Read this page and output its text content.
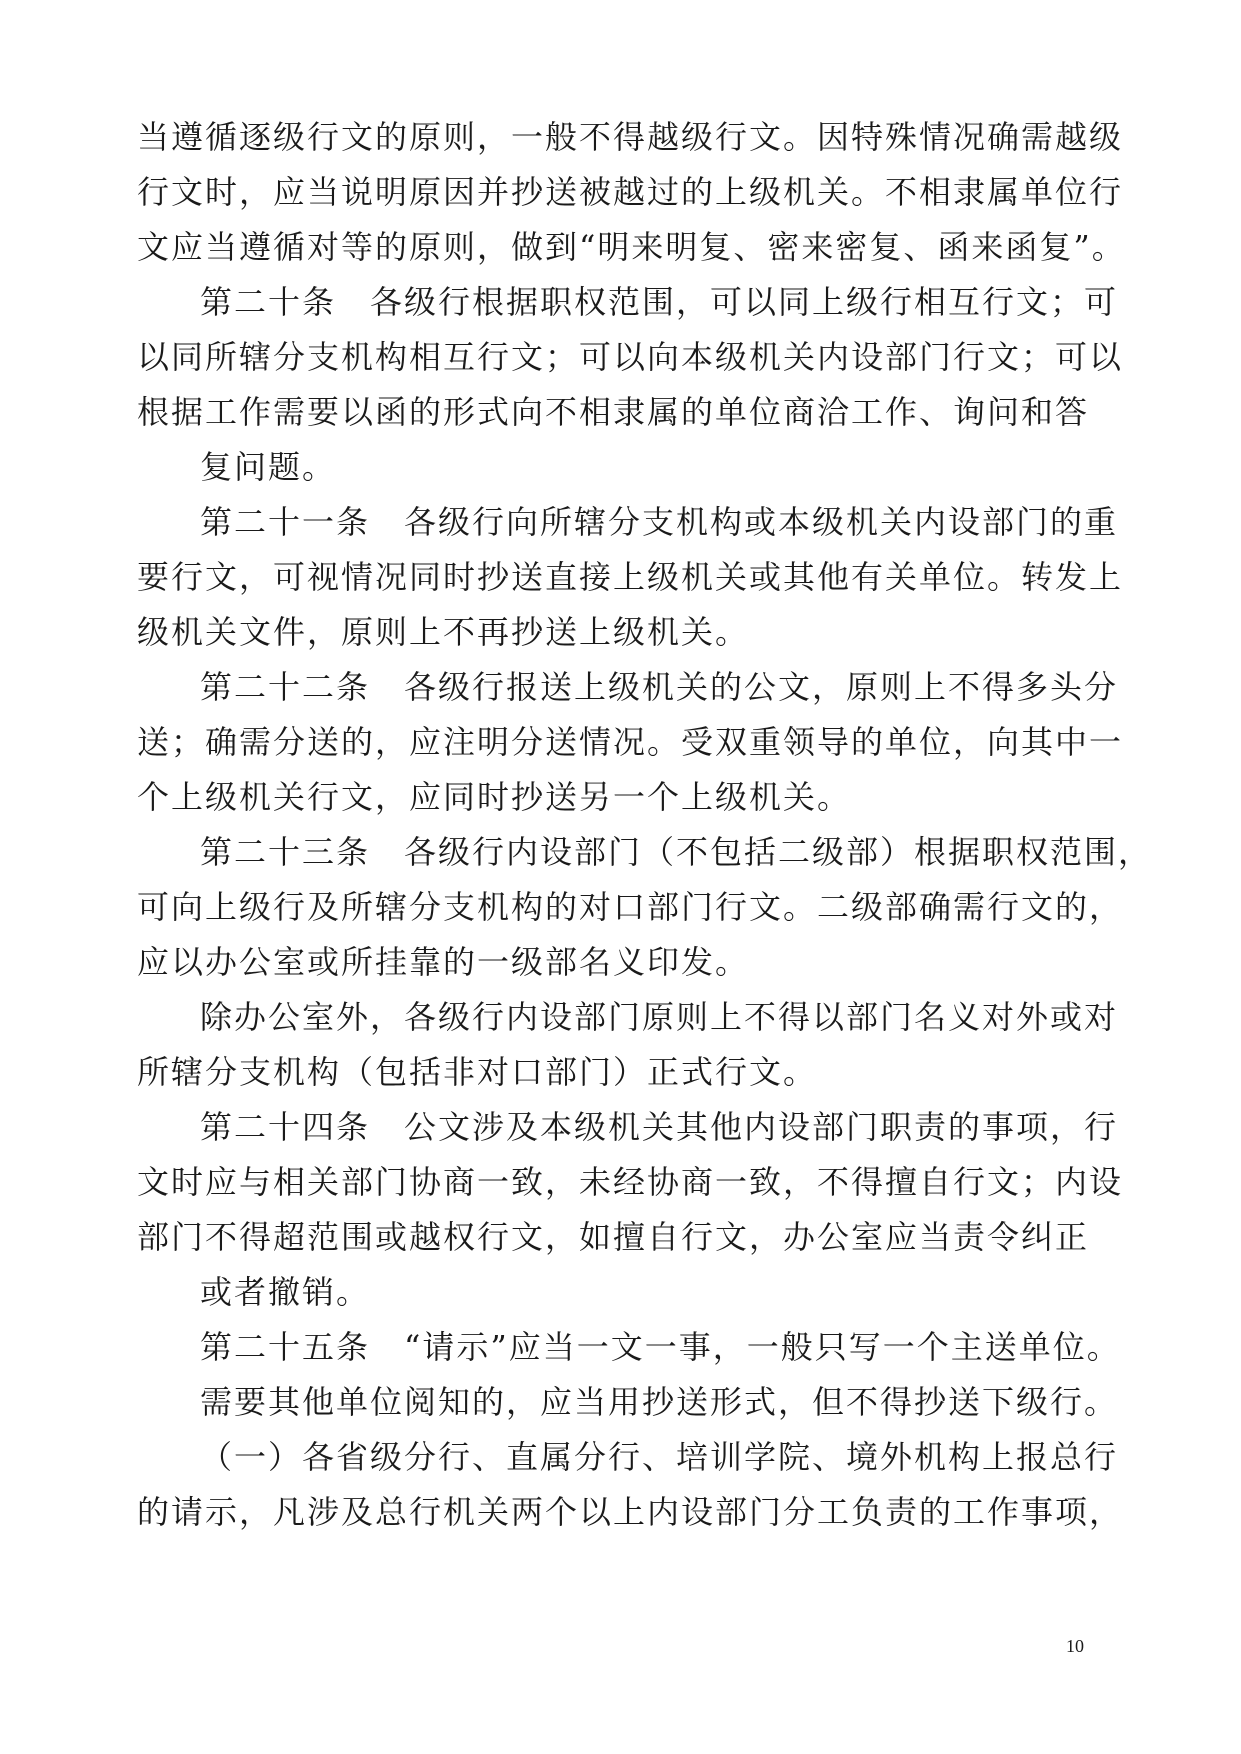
当遵循逐级行文的原则，一般不得越级行文。因特殊情况确需越级
行文时，应当说明原因并抄送被越过的上级机关。不相隶属单位行
文应当遵循对等的原则，做到“明来明复、密来密复、函来函复”。
第二十条　各级行根据职权范围，可以同上级行相互行文；可
以同所辖分支机构相互行文；可以向本级机关内设部门行文；可以
根据工作需要以函的形式向不相隶属的单位商洽工作、询问和答
复问题。
第二十一条　各级行向所辖分支机构或本级机关内设部门的重
要行文，可视情况同时抄送直接上级机关或其他有关单位。转发上
级机关文件，原则上不再抄送上级机关。
第二十二条　各级行报送上级机关的公文，原则上不得多头分
送；确需分送的，应注明分送情况。受双重领导的单位，向其中一
个上级机关行文，应同时抄送另一个上级机关。
第二十三条　各级行内设部门（不包括二级部）根据职权范围，
可向上级行及所辖分支机构的对口部门行文。二级部确需行文的，
应以办公室或所挂靠的一级部名义印发。
除办公室外，各级行内设部门原则上不得以部门名义对外或对
所辖分支机构（包括非对口部门）正式行文。
第二十四条　公文涉及本级机关其他内设部门职责的事项，行
文时应与相关部门协商一致，未经协商一致，不得擅自行文；内设
部门不得超范围或越权行文，如擅自行文，办公室应当责令纠正
或者撤销。
第二十五条　“请示”应当一文一事，一般只写一个主送单位。
需要其他单位阅知的，应当用抄送形式，但不得抄送下级行。
（一）各省级分行、直属分行、培训学院、境外机构上报总行
的请示，凡涉及总行机关两个以上内设部门分工负责的工作事项，
10
